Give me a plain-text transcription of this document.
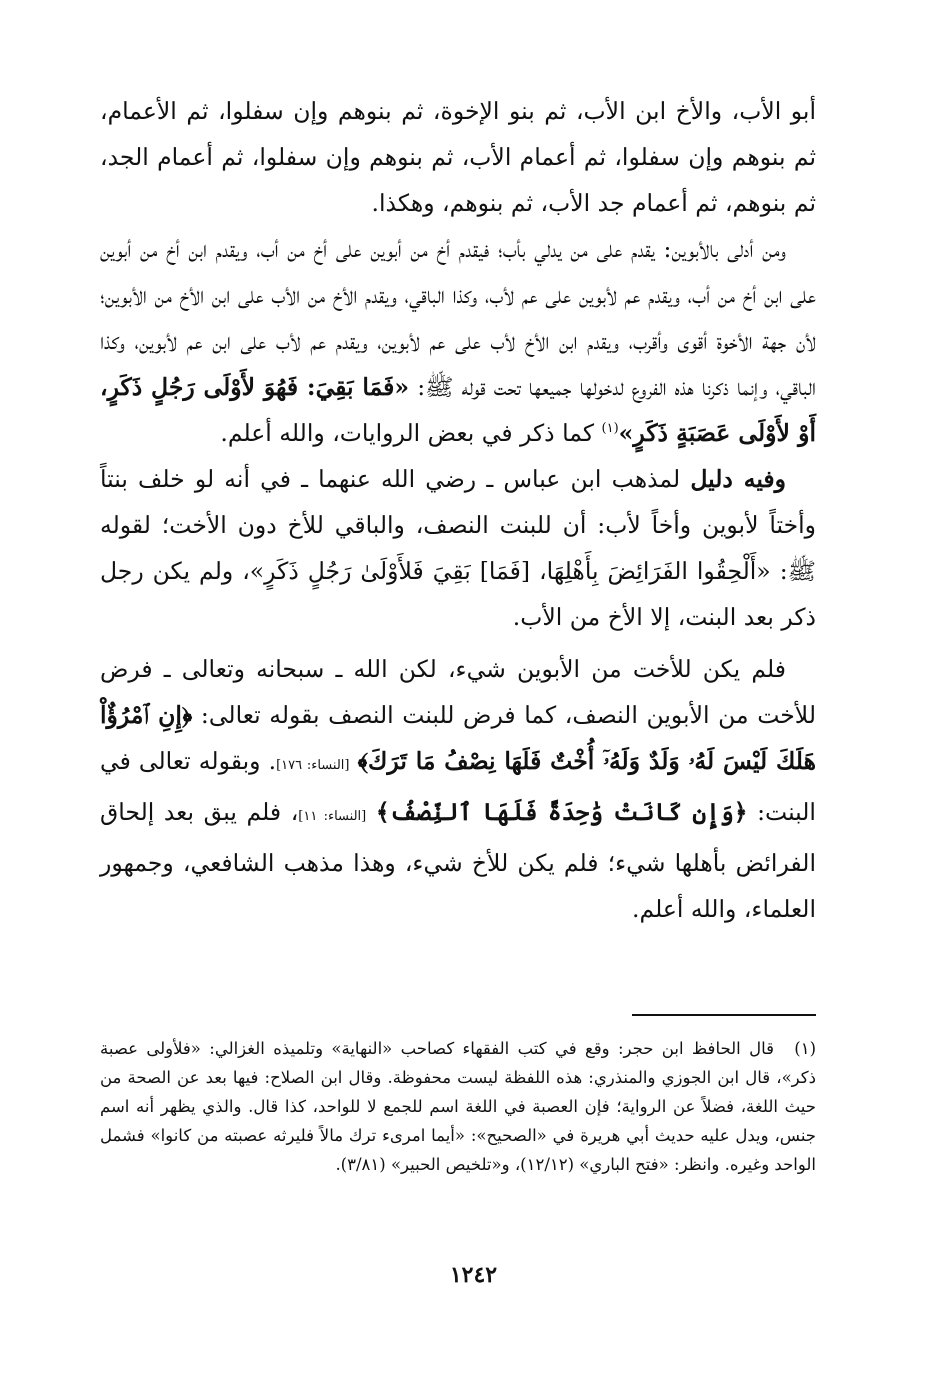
أبو الأب، والأخ ابن الأب، ثم بنو الإخوة، ثم بنوهم وإن سفلوا، ثم الأعمام، ثم بنوهم وإن سفلوا، ثم أعمام الأب، ثم بنوهم وإن سفلوا، ثم أعمام الجد، ثم بنوهم، ثم أعمام جد الأب، ثم بنوهم، وهكذا.

ومن أدلى بالأبوين: يقدم على من يدلي بأب؛ فيقدم أخ من أبوين على أخ من أب، ويقدم ابن أخ من أبوين على ابن أخ من أب، ويقدم عم لأبوين على عم لأب، وكذا الباقي، ويقدم الأخ من الأب على ابن الأخ من الأبوين؛ لأن جهة الأخوة أقوى وأقرب، ويقدم ابن الأخ لأب على عم لأبوين، ويقدم عم لأب على ابن عم لأبوين، وكذا الباقي، وإنما ذكرنا هذه الفروع لدخولها جميعها تحت قوله ﷺ: «فَمَا بَقِيَ: فَهُوَ لأَوْلَى رَجُلٍ ذَكَرٍ، أَوْ لأَوْلَى عَصَبَةٍ ذَكَرٍ»$^{(١)}$ كما ذكر في بعض الروايات، والله أعلم.

وفيه دليل لمذهب ابن عباس ـ رضي الله عنهما ـ في أنه لو خلف بنتاً وأختاً لأبوين وأخاً لأب: أن للبنت النصف، والباقي للأخ دون الأخت؛ لقوله ﷺ: «أَلْحِقُوا الفَرَائِضَ بِأَهْلِهَا، [فَمَا] بَقِيَ فَلأَوْلَىٰ رَجُلٍ ذَكَرٍ»، ولم يكن رجل ذكر بعد البنت، إلا الأخ من الأب.

فلم يكن للأخت من الأبوين شيء، لكن الله ـ سبحانه وتعالى ـ فرض للأخت من الأبوين النصف، كما فرض للبنت النصف بقوله تعالى: ﴿إِنِ ٱمْرُؤٌاْ هَلَكَ لَيْسَ لَهُۥ وَلَدٌ وَلَهُۥٓ أُخْتٌ فَلَهَا نِصْفُ مَا تَرَكَ﴾ [النساء: ١٧٦]. وبقوله تعالى في البنت: ﴿وَإِن كَانَتْ وَٰحِدَةً فَلَهَا ٱلنِّصْفُ﴾ [النساء: ١١]، فلم يبق بعد إلحاق الفرائض بأهلها شيء؛ فلم يكن للأخ شيء، وهذا مذهب الشافعي، وجمهور العلماء، والله أعلم.

(١)قال الحافظ ابن حجر: وقع في كتب الفقهاء كصاحب «النهاية» وتلميذه الغزالي: «فلأولى عصبة ذكر»، قال ابن الجوزي والمنذري: هذه اللفظة ليست محفوظة. وقال ابن الصلاح: فيها بعد عن الصحة من حيث اللغة، فضلاً عن الرواية؛ فإن العصبة في اللغة اسم للجمع لا للواحد، كذا قال. والذي يظهر أنه اسم جنس، ويدل عليه حديث أبي هريرة في «الصحيح»: «أيما امرىء ترك مالاً فليرثه عصبته من كانوا» فشمل الواحد وغيره. وانظر: «فتح الباري» (١٢/١٢)، و«تلخيص الحبير» (٣/٨١).
١٢٤٢
